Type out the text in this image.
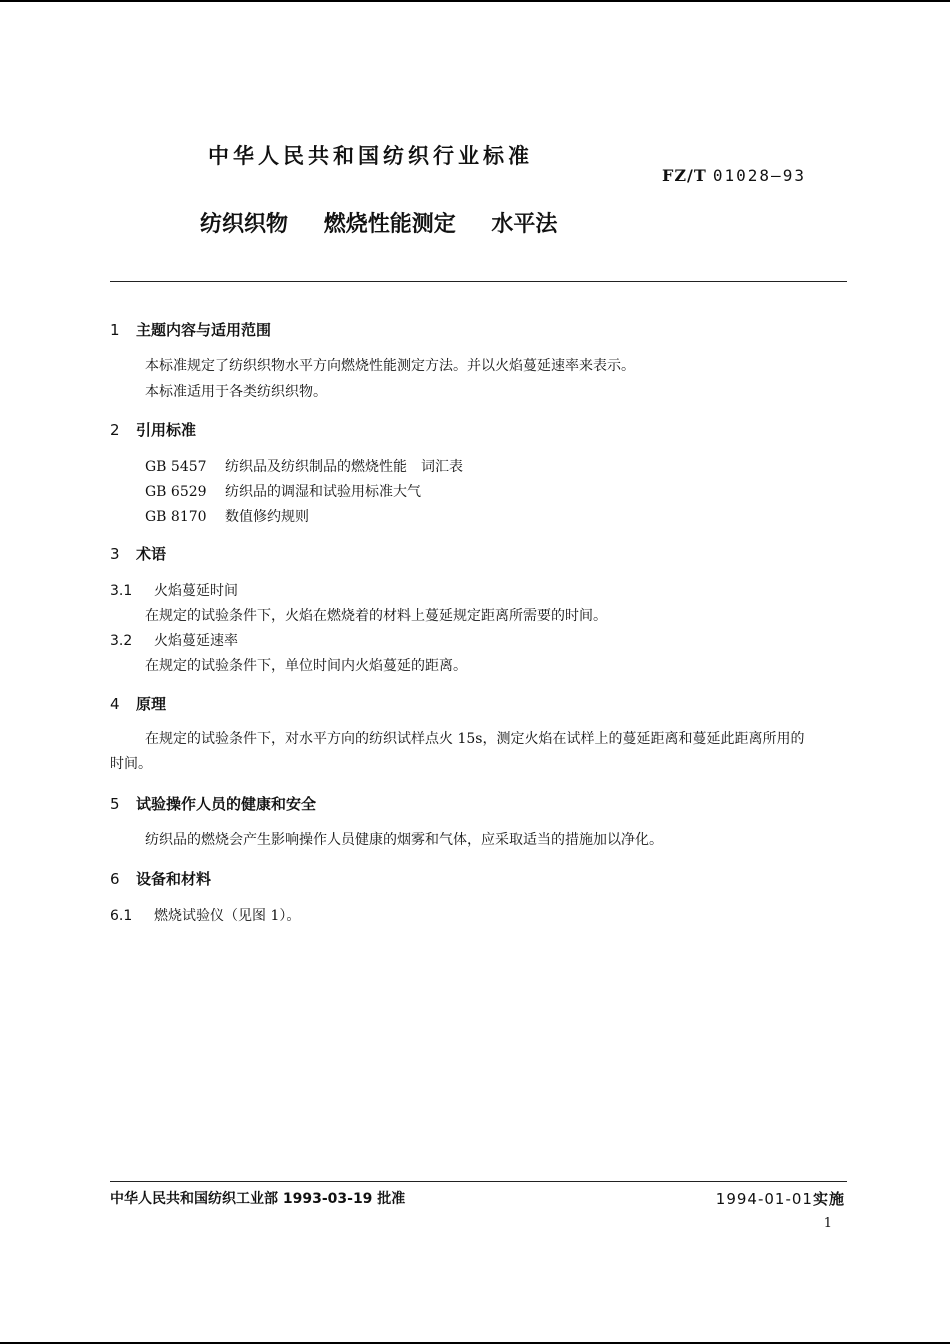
中华人民共和国纺织行业标准
FZ/T 01028—93
纺织织物 燃烧性能测定 水平法
1 主题内容与适用范围
本标准规定了纺织织物水平方向燃烧性能测定方法。并以火焰蔓延速率来表示。
本标准适用于各类纺织织物。
2 引用标准
GB 5457 纺织品及纺织制品的燃烧性能　词汇表
GB 6529 纺织品的调湿和试验用标准大气
GB 8170 数值修约规则
3 术语
3.1 火焰蔓延时间
在规定的试验条件下，火焰在燃烧着的材料上蔓延规定距离所需要的时间。
3.2 火焰蔓延速率
在规定的试验条件下，单位时间内火焰蔓延的距离。
4 原理
在规定的试验条件下，对水平方向的纺织试样点火 15s，测定火焰在试样上的蔓延距离和蔓延此距离所用的时间。
5 试验操作人员的健康和安全
纺织品的燃烧会产生影响操作人员健康的烟雾和气体，应采取适当的措施加以净化。
6 设备和材料
6.1 燃烧试验仪（见图 1）。
中华人民共和国纺织工业部 1993-03-19 批准	1994-01-01实施
1
